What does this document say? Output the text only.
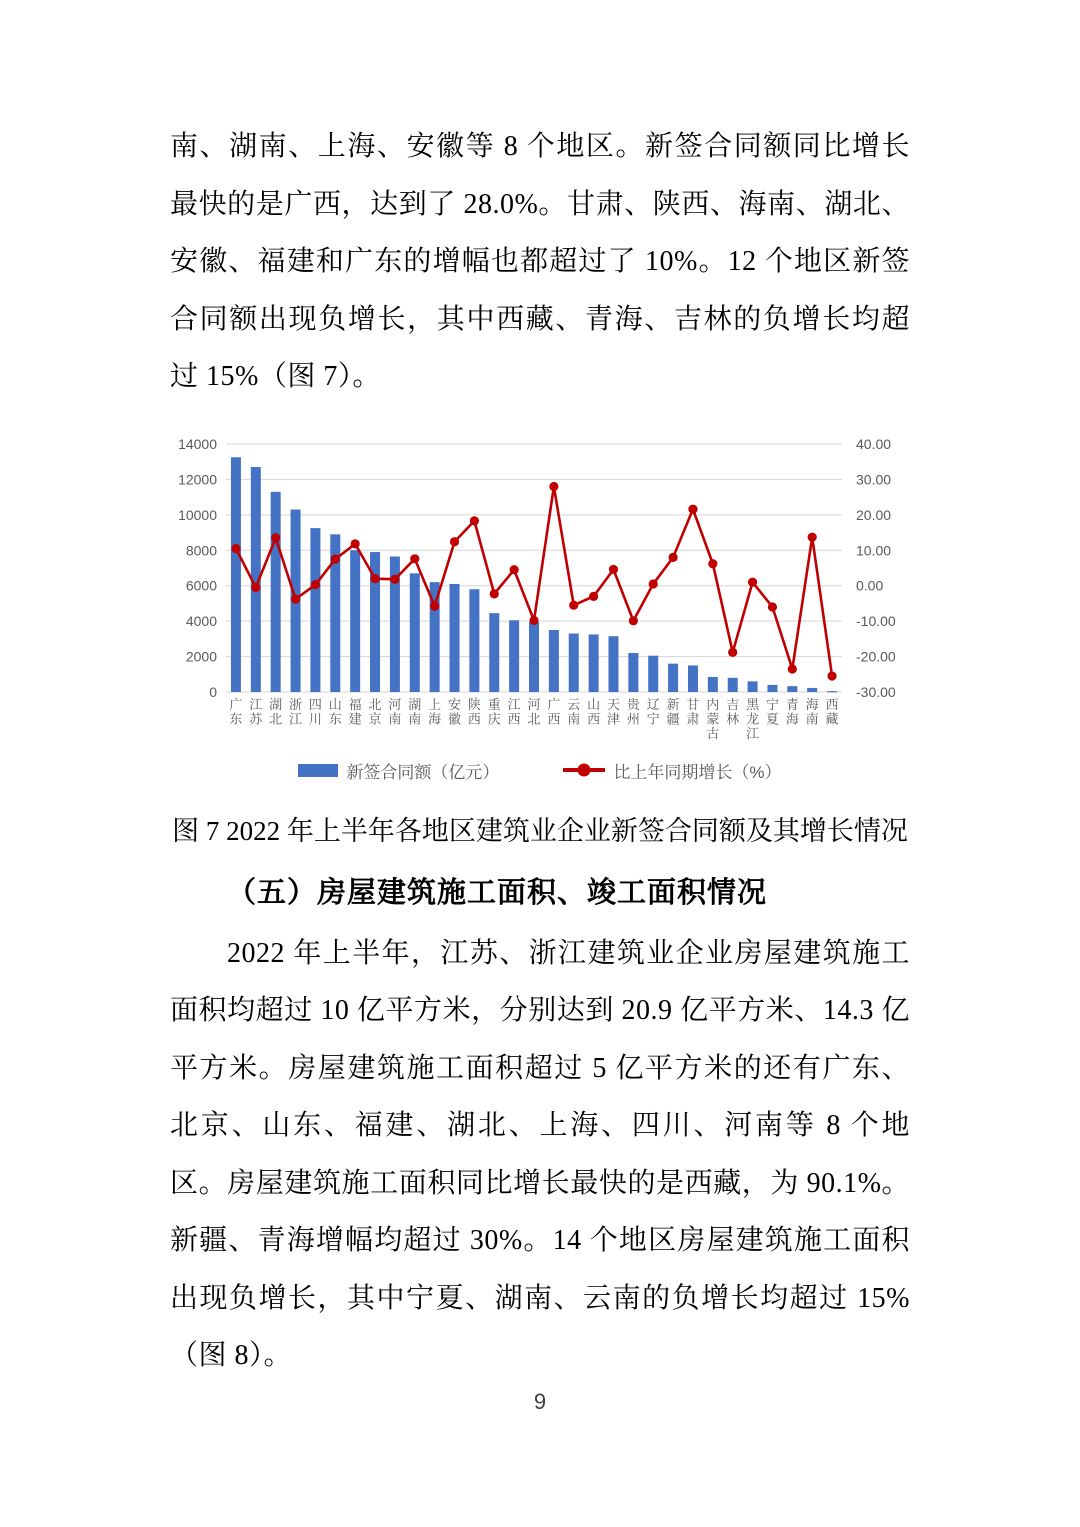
南、湖南、上海、安徽等 8 个地区。新签合同额同比增长最快的是广西，达到了 28.0%。甘肃、陕西、海南、湖北、安徽、福建和广东的增幅也都超过了 10%。12 个地区新签合同额出现负增长，其中西藏、青海、吉林的负增长均超过 15%（图 7）。

0	-30.00
2000	-20.00
4000	-10.00
6000	0.00
8000	10.00
10000	20.00
12000	30.00
14000	40.00
广东
江苏
湖北
浙江
四川
山东
福建
北京
河南
湖南
上海
安徽
陕西
重庆
江西
河北
广西
云南
山西
天津
贵州
辽宁
新疆
甘肃
内蒙古
吉林
黑龙江
宁夏
青海
海南
西藏
新签合同额（亿元）	比上年同期增长（%）
图 7 2022 年上半年各地区建筑业企业新签合同额及其增长情况
（五）房屋建筑施工面积、竣工面积情况

2022 年上半年，江苏、浙江建筑业企业房屋建筑施工面积均超过 10 亿平方米，分别达到 20.9 亿平方米、14.3 亿平方米。房屋建筑施工面积超过 5 亿平方米的还有广东、北京、山东、福建、湖北、上海、四川、河南等 8 个地区。房屋建筑施工面积同比增长最快的是西藏，为 90.1%。新疆、青海增幅均超过 30%。14 个地区房屋建筑施工面积出现负增长，其中宁夏、湖南、云南的负增长均超过 15%（图 8）。

9
